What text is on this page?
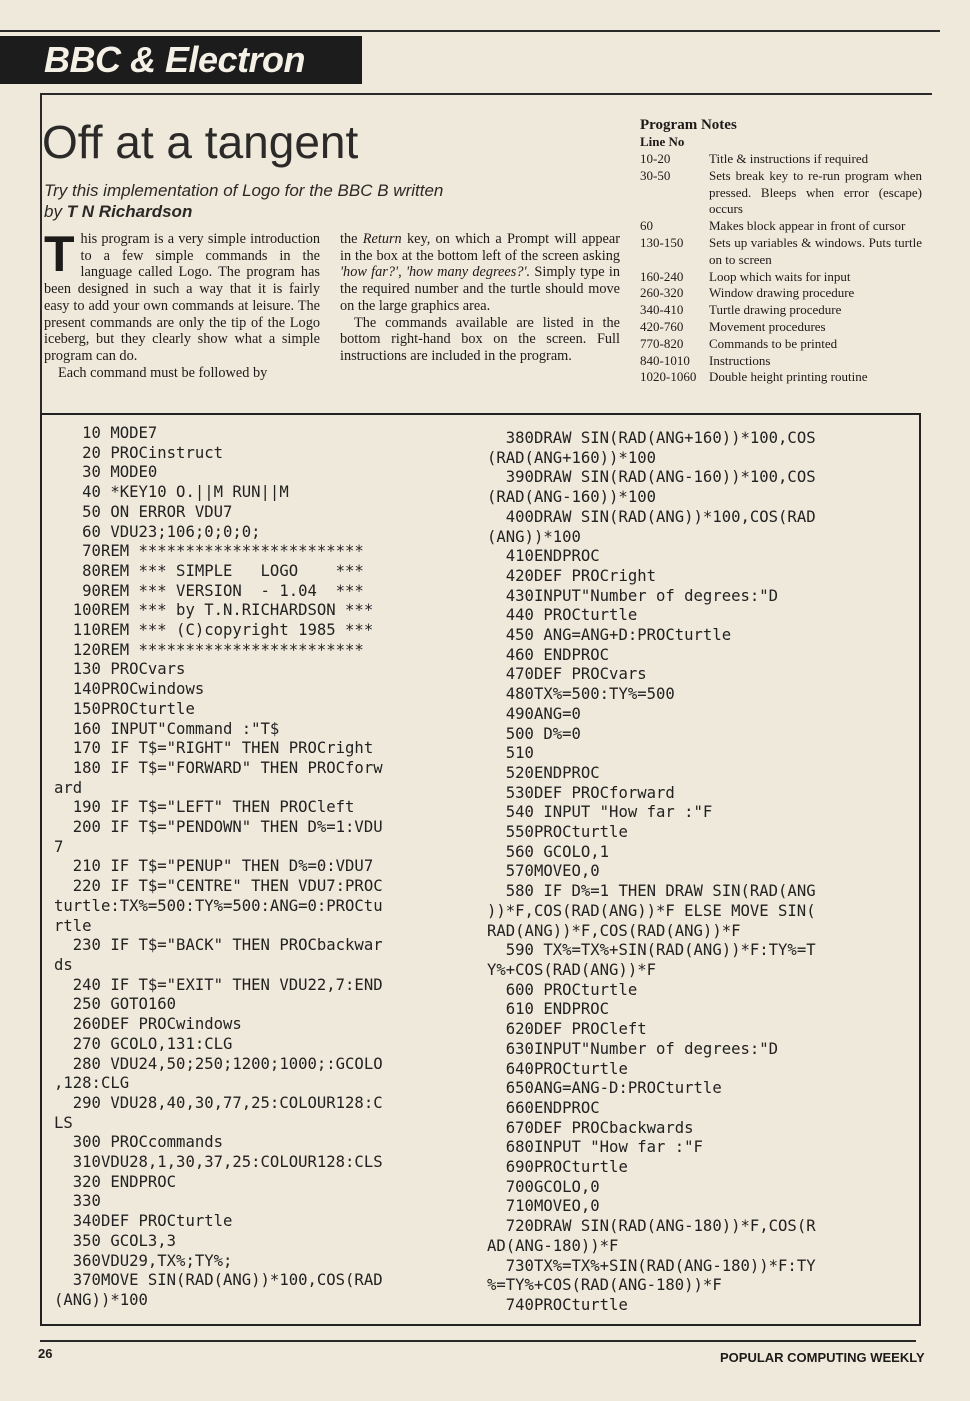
BBC & Electron
Off at a tangent
Try this implementation of Logo for the BBC B written by T N Richardson

This program is a very simple introduction to a few simple commands in the language called Logo. The program has been designed in such a way that it is fairly easy to add your own commands at leisure. The present commands are only the tip of the Logo iceberg, but they clearly show what a simple program can do.

Each command must be followed by

the Return key, on which a Prompt will appear in the box at the bottom left of the screen asking 'how far?', 'how many degrees?'. Simply type in the required number and the turtle should move on the large graphics area.

The commands available are listed in the bottom right-hand box on the screen. Full instructions are included in the program.

Program Notes
Line No
10-20	Title & instructions if required
30-50	Sets break key to re-run program when pressed. Bleeps when error (escape) occurs
60	Makes block appear in front of cursor
130-150	Sets up variables & windows. Puts turtle on to screen
160-240	Loop which waits for input
260-320	Window drawing procedure
340-410	Turtle drawing procedure
420-760	Movement procedures
770-820	Commands to be printed
840-1010	Instructions
1020-1060 Double height printing routine
10 MODE7
20 PROCinstruct
30 MODE0
40 *KEY10 O.||M RUN||M
50 ON ERROR VDU7
60 VDU23;106;0;0;0;
70REM ************************
80REM *** SIMPLE   LOGO    ***
90REM *** VERSION  - 1.04  ***
100REM *** by T.N.RICHARDSON ***
110REM *** (C)copyright 1985 ***
120REM ************************
130 PROCvars
140PROCwindows
150PROCturtle
160 INPUT"Command :"T$
170 IF T$="RIGHT" THEN PROCright
180 IF T$="FORWARD" THEN PROCforw
ard
190 IF T$="LEFT" THEN PROCleft
200 IF T$="PENDOWN" THEN D%=1:VDU
7
210 IF T$="PENUP" THEN D%=0:VDU7
220 IF T$="CENTRE" THEN VDU7:PROC
turtle:TX%=500:TY%=500:ANG=0:PROCtu
rtle
230 IF T$="BACK" THEN PROCbackwar
ds
240 IF T$="EXIT" THEN VDU22,7:END
250 GOTO160
260DEF PROCwindows
270 GCOLO,131:CLG
280 VDU24,50;250;1200;1000;:GCOLO
,128:CLG
290 VDU28,40,30,77,25:COLOUR128:C
LS
300 PROCcommands
310VDU28,1,30,37,25:COLOUR128:CLS
320 ENDPROC
330
340DEF PROCturtle
350 GCOL3,3
360VDU29,TX%;TY%;
370MOVE SIN(RAD(ANG))*100,COS(RAD
(ANG))*100
380DRAW SIN(RAD(ANG+160))*100,COS
(RAD(ANG+160))*100
390DRAW SIN(RAD(ANG-160))*100,COS
(RAD(ANG-160))*100
400DRAW SIN(RAD(ANG))*100,COS(RAD
(ANG))*100
410ENDPROC
420DEF PROCright
430INPUT"Number of degrees:"D
440 PROCturtle
450 ANG=ANG+D:PROCturtle
460 ENDPROC
470DEF PROCvars
480TX%=500:TY%=500
490ANG=0
500 D%=0
510
520ENDPROC
530DEF PROCforward
540 INPUT "How far :"F
550PROCturtle
560 GCOLO,1
570MOVEO,0
580 IF D%=1 THEN DRAW SIN(RAD(ANG
))*F,COS(RAD(ANG))*F ELSE MOVE SIN(
RAD(ANG))*F,COS(RAD(ANG))*F
590 TX%=TX%+SIN(RAD(ANG))*F:TY%=T
Y%+COS(RAD(ANG))*F
600 PROCturtle
610 ENDPROC
620DEF PROCleft
630INPUT"Number of degrees:"D
640PROCturtle
650ANG=ANG-D:PROCturtle
660ENDPROC
670DEF PROCbackwards
680INPUT "How far :"F
690PROCturtle
700GCOLO,0
710MOVEO,0
720DRAW SIN(RAD(ANG-180))*F,COS(R
AD(ANG-180))*F
730TX%=TX%+SIN(RAD(ANG-180))*F:TY
%=TY%+COS(RAD(ANG-180))*F
740PROCturtle
26	POPULAR COMPUTING WEEKLY
